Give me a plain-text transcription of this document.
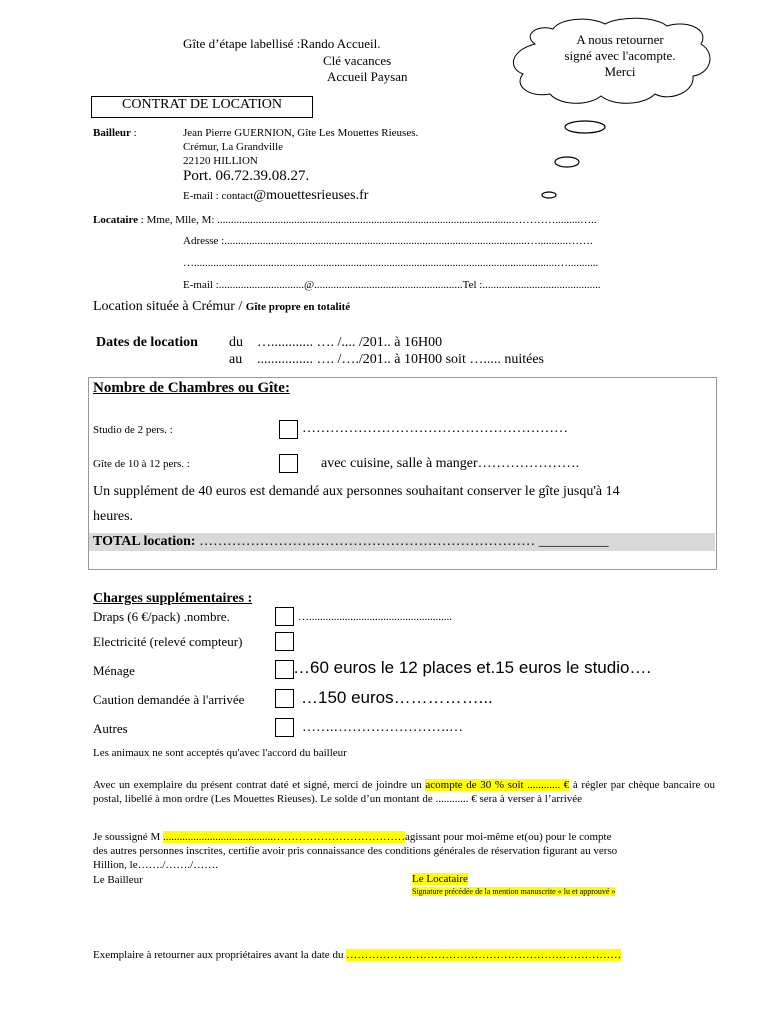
Gîte d’étape labellisé :Rando Accueil.
Clé vacances
Accueil Paysan
A nous retourner
signé avec l'acompte.
Merci
CONTRAT DE LOCATION
Bailleur :	Jean Pierre GUERNION, Gîte Les Mouettes Rieuses.
Crémur, La Grandville
22120 HILLION
Port. 06.72.39.08.27.
E-mail : contact@mouettesrieuses.fr
Locataire : Mme, Mlle, M: ...........................................................................................................………….........…..
Adresse :..............................................................................................................…...........…….
…....................................................................................................................................…...........
E-mail :...............................@......................................................Tel :...........................................
Location située à Crémur / Gîte propre en totalité
Dates de location du …............ …. /.... /201.. à 16H00
au ................ …. /…./201.. à 10H00 soit …..... nuitées
Nombre de Chambres ou Gîte:
Studio de 2 pers. :	…………………………………………………
Gîte de 10 à 12 pers. :	avec cuisine, salle à manger………………….
Un supplément de 40 euros est demandé aux personnes souhaitant conserver le gîte jusqu'à 14
heures.
TOTAL location: ……………………………………………………………… __________
Charges supplémentaires :
Draps (6 €/pack) .nombre.	…....................................................
Electricité (relevé compteur)
Ménage	…60 euros le 12 places et.15 euros le studio….
Caution demandée à l'arrivée	…150 euros……………...
Autres	…….…………………….…
Les animaux ne sont acceptés qu'avec l'accord du bailleur
Avec un exemplaire du présent contrat daté et signé, merci de joindre un acompte de 30 % soit ............ € à régler par chèque bancaire ou postal, libellé à mon ordre (Les Mouettes Rieuses). Le solde d’un montant de ............ € sera à verser à l’arrivée
Je soussigné M ........................................………………………………agissant pour moi-même et(ou) pour le compte
des autres personnes inscrites, certifie avoir pris connaissance des conditions générales de réservation figurant au verso
Hillion, le……./……./…….
Le Bailleur	Le Locataire
Signature précédée de la mention manuscrite « lu et approuvé »
Exemplaire à retourner aux propriétaires avant la date du …………………………………………………………………
